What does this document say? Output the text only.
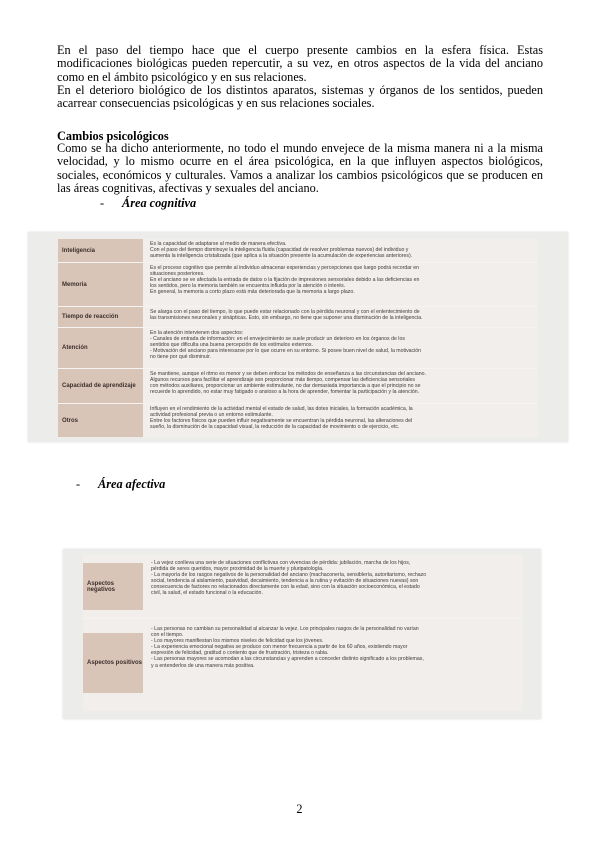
En el paso del tiempo hace que el cuerpo presente cambios en la esfera física. Estas modificaciones biológicas pueden repercutir, a su vez, en otros aspectos de la vida del anciano como en el ámbito psicológico y en sus relaciones.

En el deterioro biológico de los distintos aparatos, sistemas y órganos de los sentidos, pueden acarrear consecuencias psicológicas y en sus relaciones sociales.

Cambios psicológicos

Como se ha dicho anteriormente, no todo el mundo envejece de la misma manera ni a la misma velocidad, y lo mismo ocurre en el área psicológica, en la que influyen aspectos biológicos, sociales, económicos y culturales. Vamos a analizar los cambios psicológicos que se producen en las áreas cognitivas, afectivas y sexuales del anciano.

- Área cognitiva
Inteligencia
Es la capacidad de adaptarse al medio de manera efectiva.
Con el paso del tiempo disminuye la inteligencia fluida (capacidad de resolver problemas nuevos) del individuo y
aumenta la inteligencia cristalizada (que aplica a la situación presente la acumulación de experiencias anteriores).
Memoria
Es el proceso cognitivo que permite al individuo almacenar experiencias y percepciones que luego podrá recordar en
situaciones posteriores.
En el anciano se ve afectada la entrada de datos o la fijación de impresiones sensoriales debido a las deficiencias en
los sentidos, pero la memoria también se encuentra influida por la atención o interés.
En general, la memoria a corto plazo está más deteriorada que la memoria a largo plazo.
Tiempo de reacción
Se alarga con el paso del tiempo, lo que puede estar relacionado con la pérdida neuronal y con el enlentecimiento de
las transmisiones neuronales y sinápticas. Esto, sin embargo, no tiene que suponer una disminución de la inteligencia.
Atención
En la atención intervienen dos aspectos:
- Canales de entrada de información: en el envejecimiento se suele producir un deterioro en los órganos de los
sentidos que dificulta una buena percepción de los estímulos externos.
- Motivación del anciano para interesarse por lo que ocurre en su entorno. Si posee buen nivel de salud, la motivación
no tiene por qué disminuir.
Capacidad de aprendizaje
Se mantiene, aunque el ritmo es menor y se deben enfocar los métodos de enseñanza a las circunstancias del anciano.
Algunos recursos para facilitar el aprendizaje son proporcionar más tiempo, compensar las deficiencias sensoriales
con métodos auxiliares, proporcionar un ambiente estimulante, no dar demasiada importancia a que el principio no se
recuerde lo aprendido, no estar muy fatigado o ansioso a la hora de aprender, fomentar la participación y la atención.
Otros
Influyen en el rendimiento de la actividad mental el estado de salud, las dotes iniciales, la formación académica, la
actividad profesional previa o un entorno estimulante.
Entre los factores físicos que pueden influir negativamente se encuentran la pérdida neuronal, las alteraciones del
sueño, la disminución de la capacidad visual, la reducción de la capacidad de movimiento o de ejercicio, etc.
- Área afectiva
Aspectos negativos
- La vejez conlleva una serie de situaciones conflictivas con vivencias de pérdida: jubilación, marcha de los hijos,
pérdida de seres queridos, mayor proximidad de la muerte y pluripatología.
- La mayoría de los rasgos negativos de la personalidad del anciano (machaconería, sensiblería, autoritarismo, rechazo
social, tendencia al aislamiento, pasividad, decaimiento, tendencia a la rutina y evitación de situaciones nuevas) son
consecuencia de factores no relacionados directamente con la edad, sino con la situación socioeconómica, el estado
civil, la salud, el estado funcional o la educación.
Aspectos positivos
- Las personas no cambian su personalidad al alcanzar la vejez. Los principales rasgos de la personalidad no varían
con el tiempo.
- Los mayores manifiestan los mismos niveles de felicidad que los jóvenes.
- La experiencia emocional negativa se produce con menor frecuencia a partir de los 60 años, existiendo mayor
expresión de felicidad, gratitud o contento que de frustración, tristeza o rabia.
- Las personas mayores se acomodan a las circunstancias y aprenden a conceder distinto significado a los problemas,
y a entenderlos de una manera más positiva.
2
